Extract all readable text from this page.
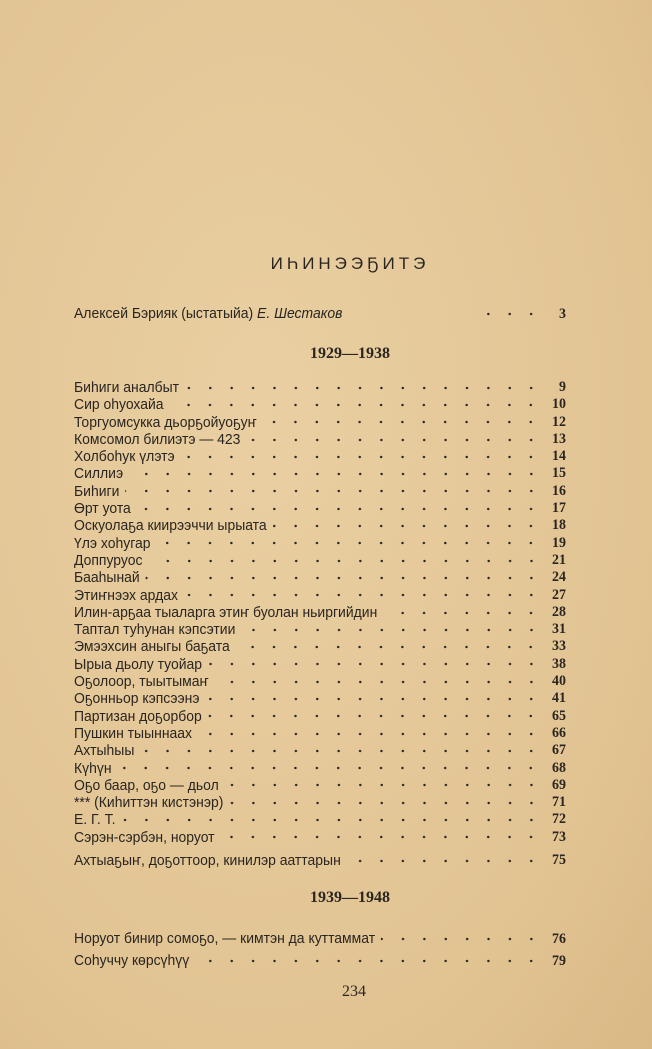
ИҺИНЭЭҔИТЭ
Алексей Бэрияк (ыстатыйа) Е. Шестаков	3
1929—1938
Биһиги аналбыт	9
Сир оһуохайа	10
Торгуомсукка дьорҕойуоҕуҥ	12
Комсомол билиэтэ — 423	13
Холбоһук үлэтэ	14
Силлиэ	15
Биһиги	16
Өрт уота	17
Оскуолаҕа киирээччи ырыата	18
Үлэ хоһугар	19
Доппуруос	21
Бааһынай	24
Этиҥнээх ардах	27
Илин-арҕаа тыаларга этиҥ буолан ньиргийдин	28
Таптал туһунан кэпсэтии	31
Эмээхсин аныгы баҕата	33
Ырыа дьолу туойар	38
Оҕолоор, тыытымаҥ	40
Оҕонньор кэпсээнэ	41
Партизан доҕорбор	65
Пушкин тыыннаах	66
Ахтыһыы	67
Күһүн	68
Оҕо баар, оҕо — дьол	69
*** (Киһиттэн кистэнэр)	71
Е. Г. Т.	72
Сэрэн-сэрбэн, норуот	73
Ахтыаҕыҥ, доҕоттоор, кинилэр ааттарын	75
1939—1948
Норуот бинир сомоҕо, — кимтэн да куттаммат	76
Соһуччу көрсүһүү	79
234
